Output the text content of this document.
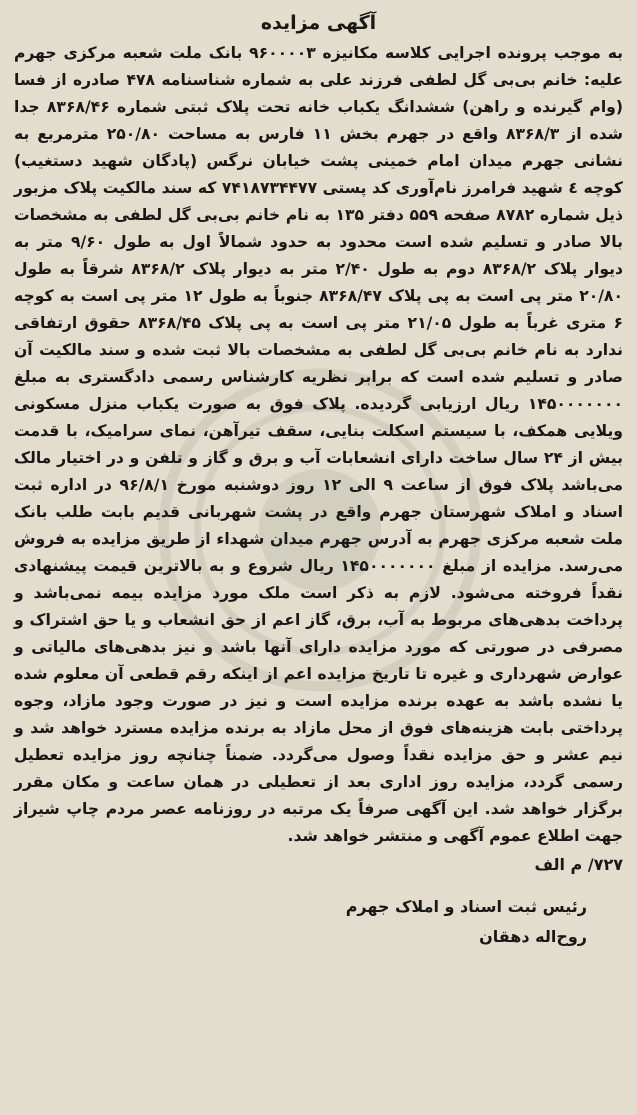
آگهی مزایده

به موجب پرونده اجرایی کلاسه مکانیزه ۹۶۰۰۰۰۳ بانک ملت شعبه مرکزی جهرم علیه: خانم بی‌بی گل لطفی فرزند علی به شماره شناسنامه ۴۷۸ صادره از فسا (وام گیرنده و راهن) ششدانگ یکباب خانه تحت پلاک ثبتی شماره ۸۳۶۸/۴۶ جدا شده از ۸۳۶۸/۳ واقع در جهرم بخش ۱۱ فارس به مساحت ۲۵۰/۸۰ مترمربع به نشانی جهرم میدان امام خمینی پشت خیابان نرگس (پادگان شهید دستغیب) کوچه ٤ شهید فرامرز نام‌آوری کد پستی ۷۴۱۸۷۳۴۴۷۷ که سند مالکیت پلاک مزبور ذیل شماره ۸۷۸۲ صفحه ۵۵۹ دفتر ۱۳۵ به نام خانم بی‌بی گل لطفی به مشخصات بالا صادر و تسلیم شده است محدود به حدود شمالاً اول به طول ۹/۶۰ متر به دیوار پلاک ۸۳۶۸/۲ دوم به طول ۲/۴۰ متر به دیوار پلاک ۸۳۶۸/۲ شرقاً به طول ۲۰/۸۰ متر پی است به پی پلاک ۸۳۶۸/۴۷ جنوباً به طول ۱۲ متر پی است به کوچه ۶ متری غرباً به طول ۲۱/۰۵ متر پی است به پی پلاک ۸۳۶۸/۴۵ حقوق ارتفاقی ندارد به نام خانم بی‌بی گل لطفی به مشخصات بالا ثبت شده و سند مالکیت آن صادر و تسلیم شده است که برابر نظریه کارشناس رسمی دادگستری به مبلغ ۱۴۵۰۰۰۰۰۰۰ ریال ارزیابی گردیده. پلاک فوق به صورت یکباب منزل مسکونی ویلایی همکف، با سیستم اسکلت بنایی، سقف تیرآهن، نمای سرامیک، با قدمت بیش از ۲۴ سال ساخت دارای انشعابات آب و برق و گاز و تلفن و در اختیار مالک می‌باشد پلاک فوق از ساعت ۹ الی ۱۲ روز دوشنبه مورخ ۹۶/۸/۱ در اداره ثبت اسناد و املاک شهرستان جهرم واقع در پشت شهربانی قدیم بابت طلب بانک ملت شعبه مرکزی جهرم به آدرس جهرم میدان شهداء از طریق مزایده به فروش می‌رسد. مزایده از مبلغ ۱۴۵۰۰۰۰۰۰۰ ریال شروع و به بالاترین قیمت پیشنهادی نقداً فروخته می‌شود. لازم به ذکر است ملک مورد مزایده بیمه نمی‌باشد و پرداخت بدهی‌های مربوط به آب، برق، گاز اعم از حق انشعاب و یا حق اشتراک و مصرفی در صورتی که مورد مزایده دارای آنها باشد و نیز بدهی‌های مالیاتی و عوارض شهرداری و غیره تا تاریخ مزایده اعم از اینکه رقم قطعی آن معلوم شده یا نشده باشد به عهده برنده مزایده است و نیز در صورت وجود مازاد، وجوه پرداختی بابت هزینه‌های فوق از محل مازاد به برنده مزایده مسترد خواهد شد و نیم عشر و حق مزایده نقداً وصول می‌گردد. ضمناً چنانچه روز مزایده تعطیل رسمی گردد، مزایده روز اداری بعد از تعطیلی در همان ساعت و مکان مقرر برگزار خواهد شد. این آگهی صرفاً یک مرتبه در روزنامه عصر مردم چاپ شیراز جهت اطلاع عموم آگهی و منتشر خواهد شد.

۷۲۷/ م الف
رئیس ثبت اسناد و املاک جهرم
روح‌اله دهقان
